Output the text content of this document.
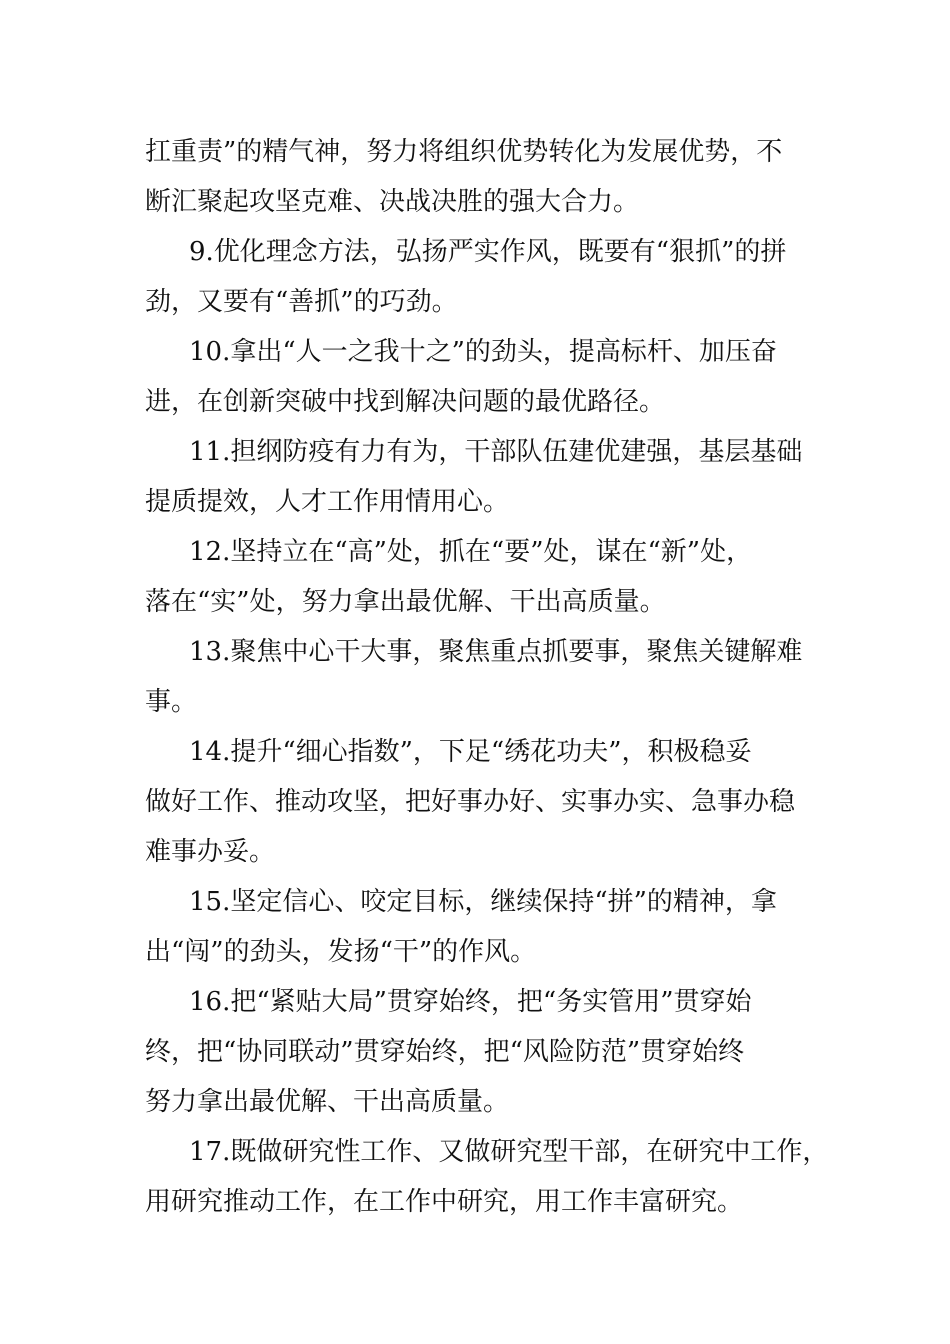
扛重责”的精气神，努力将组织优势转化为发展优势，不

断汇聚起攻坚克难、决战决胜的强大合力。

9.优化理念方法，弘扬严实作风，既要有“狠抓”的拼

劲，又要有“善抓”的巧劲。

10.拿出“人一之我十之”的劲头，提高标杆、加压奋

进，在创新突破中找到解决问题的最优路径。

11.担纲防疫有力有为，干部队伍建优建强，基层基础

提质提效，人才工作用情用心。

12.坚持立在“高”处，抓在“要”处，谋在“新”处，

落在“实”处，努力拿出最优解、干出高质量。

13.聚焦中心干大事，聚焦重点抓要事，聚焦关键解难

事。

14.提升“细心指数”，下足“绣花功夫”，积极稳妥

做好工作、推动攻坚，把好事办好、实事办实、急事办稳

难事办妥。

15.坚定信心、咬定目标，继续保持“拼”的精神，拿

出“闯”的劲头，发扬“干”的作风。

16.把“紧贴大局”贯穿始终，把“务实管用”贯穿始

终，把“协同联动”贯穿始终，把“风险防范”贯穿始终

努力拿出最优解、干出高质量。

17.既做研究性工作、又做研究型干部，在研究中工作，

用研究推动工作，在工作中研究，用工作丰富研究。
